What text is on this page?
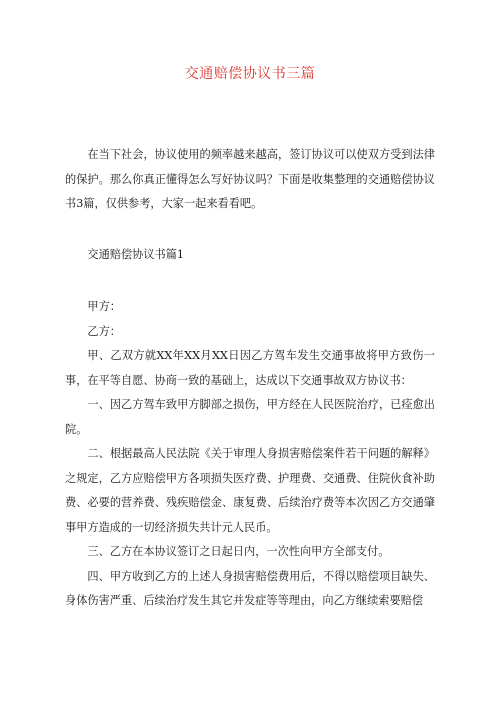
交通赔偿协议书三篇

在当下社会，协议使用的频率越来越高，签订协议可以使双方受到法律的保护。那么你真正懂得怎么写好协议吗？下面是收集整理的交通赔偿协议书3篇，仅供参考，大家一起来看看吧。

交通赔偿协议书篇1

甲方：

乙方：

甲、乙双方就XX年XX月XX日因乙方驾车发生交通事故将甲方致伤一事，在平等自愿、协商一致的基础上，达成以下交通事故双方协议书：

一、因乙方驾车致甲方脚部之损伤，甲方经在人民医院治疗，已痊愈出院。

二、根据最高人民法院《关于审理人身损害赔偿案件若干问题的解释》之规定，乙方应赔偿甲方各项损失医疗费、护理费、交通费、住院伙食补助费、必要的营养费、残疾赔偿金、康复费、后续治疗费等本次因乙方交通肇事甲方造成的一切经济损失共计元人民币。

三、乙方在本协议签订之日起日内，一次性向甲方全部支付。

四、甲方收到乙方的上述人身损害赔偿费用后，不得以赔偿项目缺失、身体伤害严重、后续治疗发生其它并发症等等理由，向乙方继续索要赔偿
